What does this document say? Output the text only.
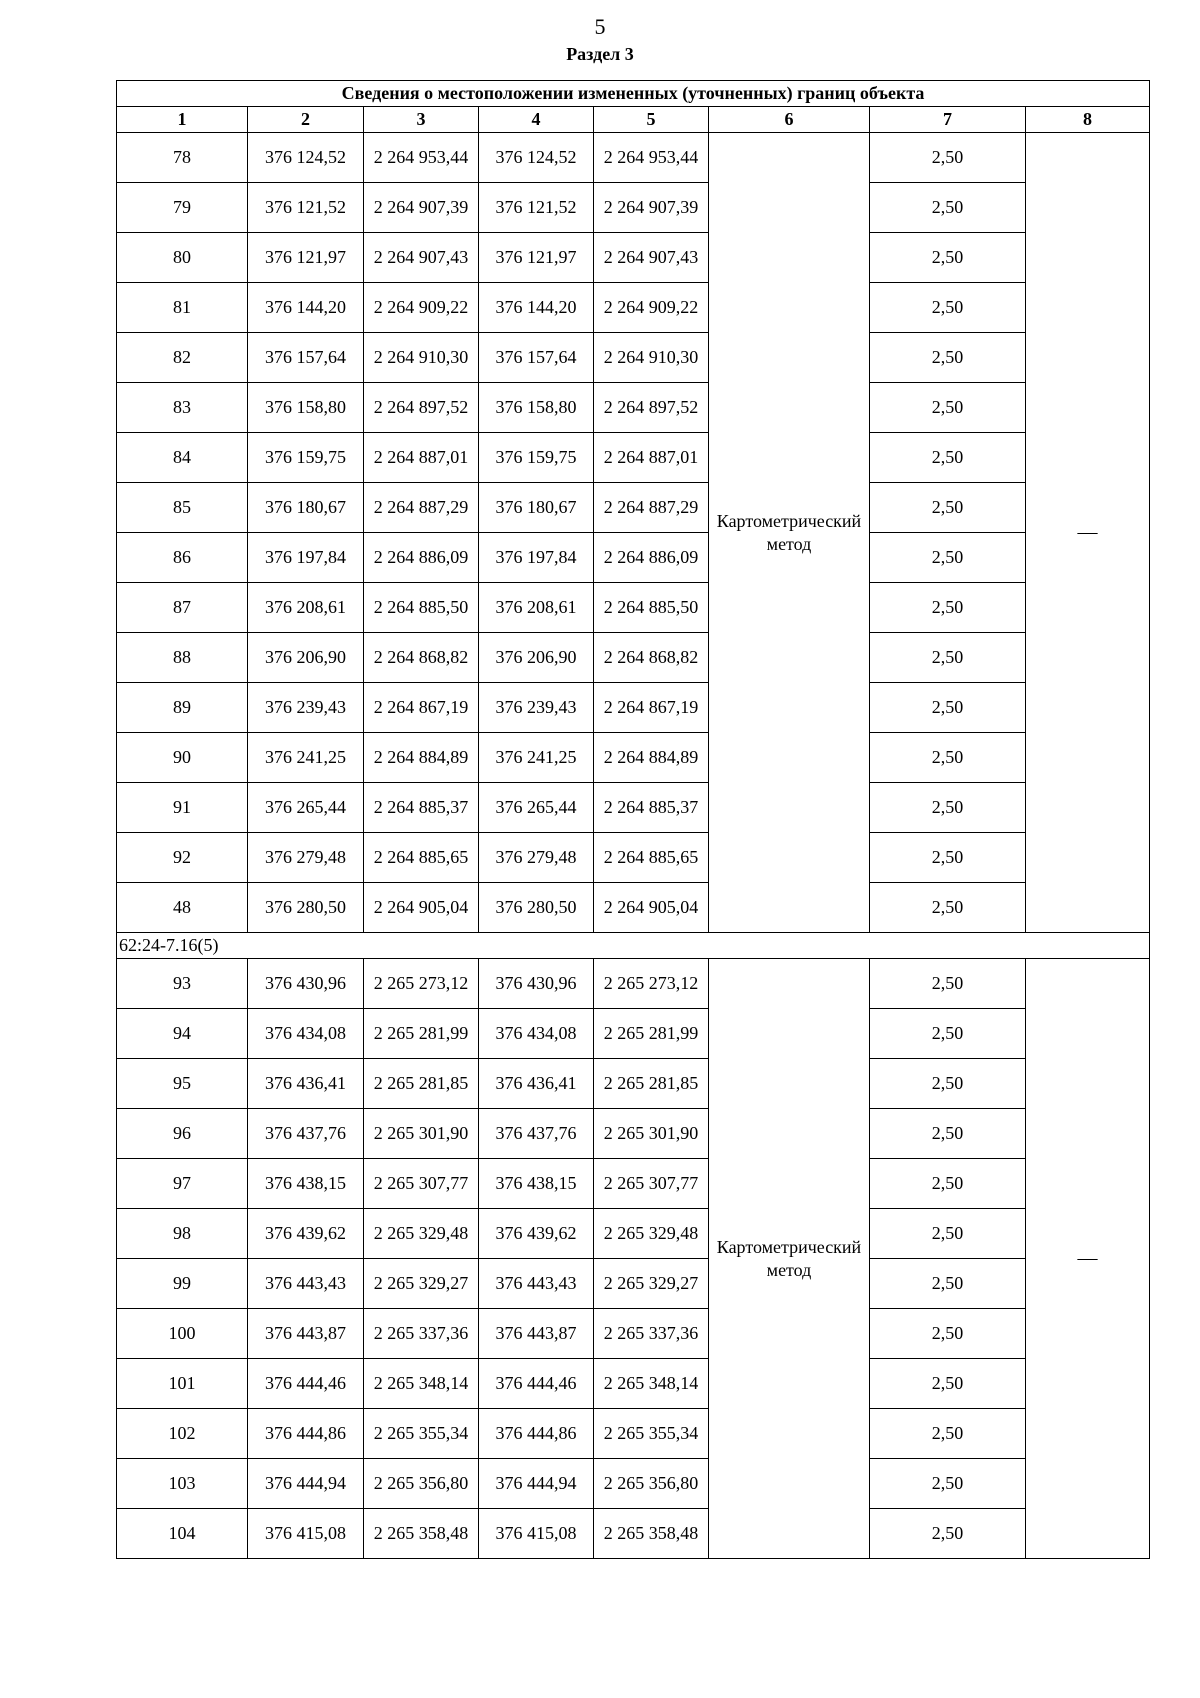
5
Раздел 3
Сведения о местоположении измененных (уточненных) границ объекта							
1	2	3	4	5	6	7	8
78	376 124,52	2 264 953,44	376 124,52	2 264 953,44	Картометрический метод	2,50	—
79	376 121,52	2 264 907,39	376 121,52	2 264 907,39		2,50	
80	376 121,97	2 264 907,43	376 121,97	2 264 907,43		2,50	
81	376 144,20	2 264 909,22	376 144,20	2 264 909,22		2,50	
82	376 157,64	2 264 910,30	376 157,64	2 264 910,30		2,50	
83	376 158,80	2 264 897,52	376 158,80	2 264 897,52		2,50	
84	376 159,75	2 264 887,01	376 159,75	2 264 887,01		2,50	
85	376 180,67	2 264 887,29	376 180,67	2 264 887,29		2,50	
86	376 197,84	2 264 886,09	376 197,84	2 264 886,09		2,50	
87	376 208,61	2 264 885,50	376 208,61	2 264 885,50		2,50	
88	376 206,90	2 264 868,82	376 206,90	2 264 868,82		2,50	
89	376 239,43	2 264 867,19	376 239,43	2 264 867,19		2,50	
90	376 241,25	2 264 884,89	376 241,25	2 264 884,89		2,50	
91	376 265,44	2 264 885,37	376 265,44	2 264 885,37		2,50	
92	376 279,48	2 264 885,65	376 279,48	2 264 885,65		2,50	
48	376 280,50	2 264 905,04	376 280,50	2 264 905,04		2,50	
62:24-7.16(5)							
93	376 430,96	2 265 273,12	376 430,96	2 265 273,12	Картометрический метод	2,50	—
94	376 434,08	2 265 281,99	376 434,08	2 265 281,99		2,50	
95	376 436,41	2 265 281,85	376 436,41	2 265 281,85		2,50	
96	376 437,76	2 265 301,90	376 437,76	2 265 301,90		2,50	
97	376 438,15	2 265 307,77	376 438,15	2 265 307,77		2,50	
98	376 439,62	2 265 329,48	376 439,62	2 265 329,48		2,50	
99	376 443,43	2 265 329,27	376 443,43	2 265 329,27		2,50	
100	376 443,87	2 265 337,36	376 443,87	2 265 337,36		2,50	
101	376 444,46	2 265 348,14	376 444,46	2 265 348,14		2,50	
102	376 444,86	2 265 355,34	376 444,86	2 265 355,34		2,50	
103	376 444,94	2 265 356,80	376 444,94	2 265 356,80		2,50	
104	376 415,08	2 265 358,48	376 415,08	2 265 358,48		2,50	
